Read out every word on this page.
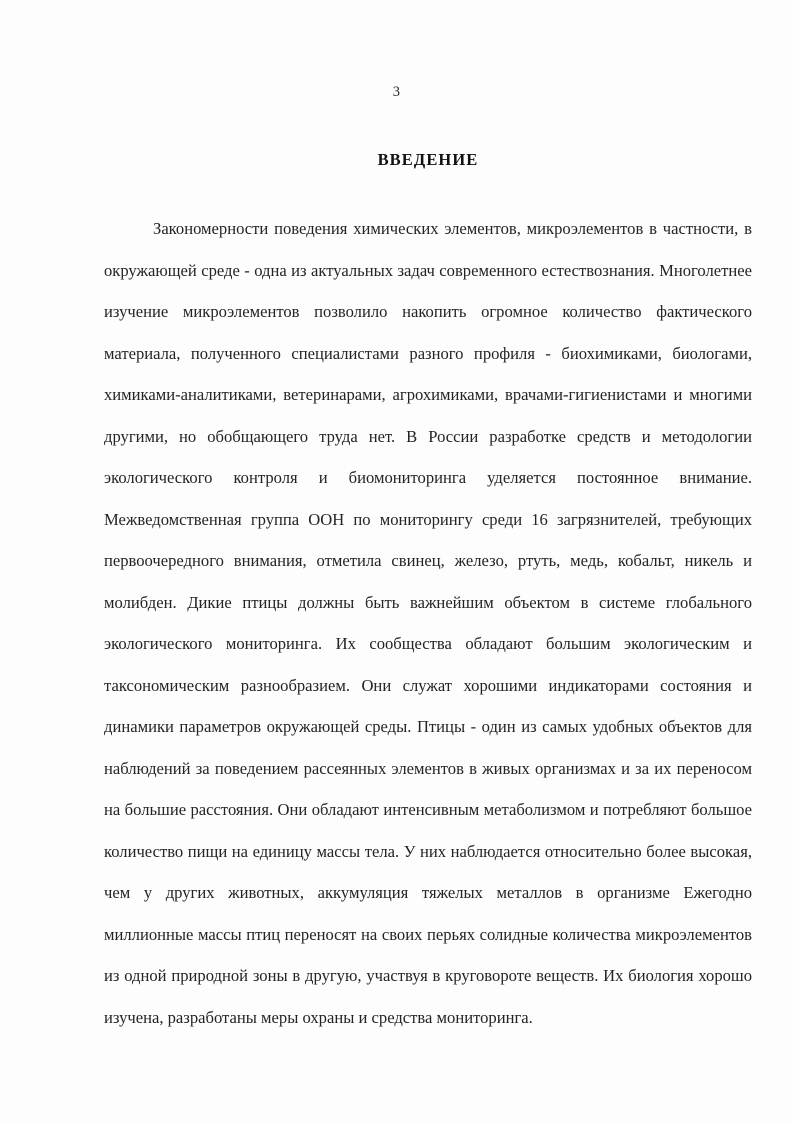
3
ВВЕДЕНИЕ

Закономерности поведения химических элементов, микроэлементов в частности, в окружающей среде - одна из актуальных задач современного естествознания. Многолетнее изучение микроэлементов позволило накопить огромное количество фактического материала, полученного специалистами разного профиля - биохимиками, биологами, химиками-аналитиками, ветеринарами, агрохимиками, врачами-гигиенистами и многими другими, но обобщающего труда нет. В России разработке средств и методологии экологического контроля и биомониторинга уделяется постоянное внимание. Межведомственная группа ООН по мониторингу среди 16 загрязнителей, требующих первоочередного внимания, отметила свинец, железо, ртуть, медь, кобальт, никель и молибден. Дикие птицы должны быть важнейшим объектом в системе глобального экологического мониторинга. Их сообщества обладают большим экологическим и таксономическим разнообразием. Они служат хорошими индикаторами состояния и динамики параметров окружающей среды. Птицы - один из самых удобных объектов для наблюдений за поведением рассеянных элементов в живых организмах и за их переносом на большие расстояния. Они обладают интенсивным метаболизмом и потребляют большое количество пищи на единицу массы тела. У них наблюдается относительно более высокая, чем у других животных, аккумуляция тяжелых металлов в организме Ежегодно миллионные массы птиц переносят на своих перьях солидные количества микроэлементов из одной природной зоны в другую, участвуя в круговороте веществ. Их биология хорошо изучена, разработаны меры охраны и средства мониторинга.
